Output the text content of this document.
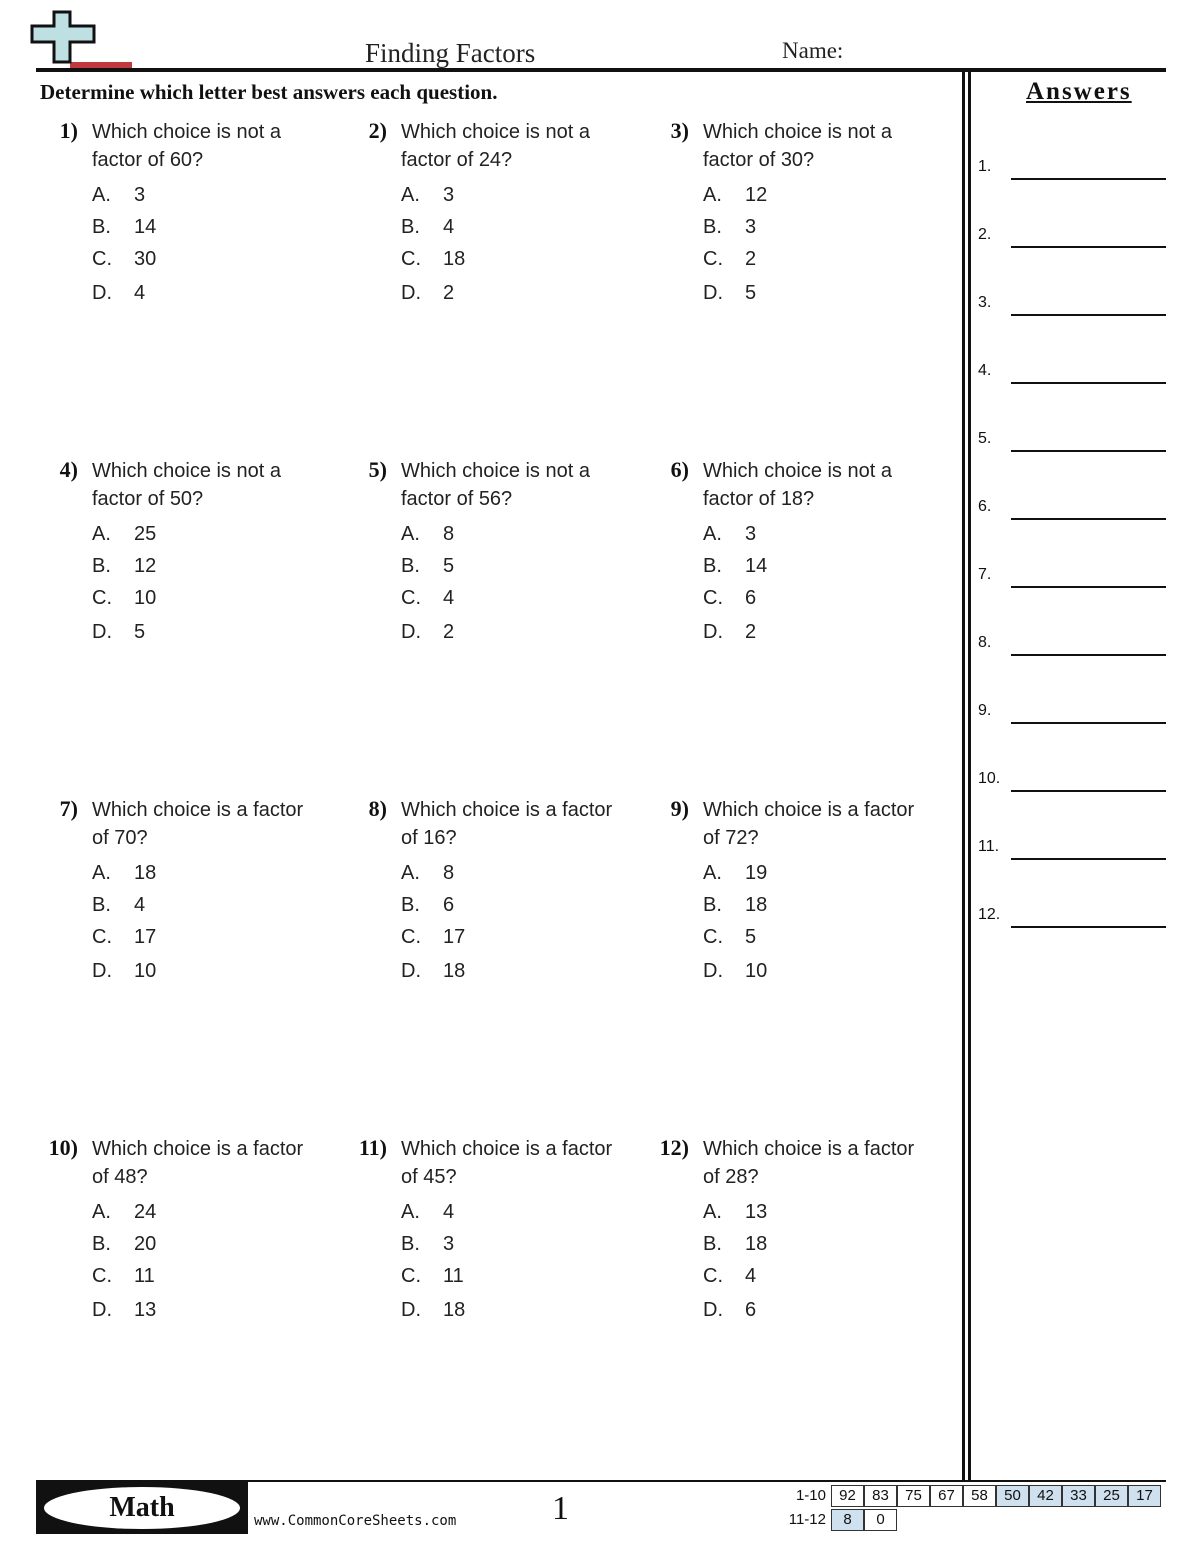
Finding Factors	Name:
Determine which letter best answers each question.
1) Which choice is not a
factor of 60?
A. 3
B. 14
C. 30
D. 4
2) Which choice is not a
factor of 24?
A. 3
B. 4
C. 18
D. 2
3) Which choice is not a
factor of 30?
A. 12
B. 3
C. 2
D. 5
4) Which choice is not a
factor of 50?
A. 25
B. 12
C. 10
D. 5
5) Which choice is not a
factor of 56?
A. 8
B. 5
C. 4
D. 2
6) Which choice is not a
factor of 18?
A. 3
B. 14
C. 6
D. 2
7) Which choice is a factor
of 70?
A. 18
B. 4
C. 17
D. 10
8) Which choice is a factor
of 16?
A. 8
B. 6
C. 17
D. 18
9) Which choice is a factor
of 72?
A. 19
B. 18
C. 5
D. 10
10) Which choice is a factor
of 48?
A. 24
B. 20
C. 11
D. 13
11) Which choice is a factor
of 45?
A. 4
B. 3
C. 11
D. 18
12) Which choice is a factor
of 28?
A. 13
B. 18
C. 4
D. 6
Answers
1.
2.
3.
4.
5.
6.
7.
8.
9.
10.
11.
12.
Math	www.CommonCoreSheets.com	1	1-10 92	83	75	67	58	50	42	33	25	17
11-12	8	0
